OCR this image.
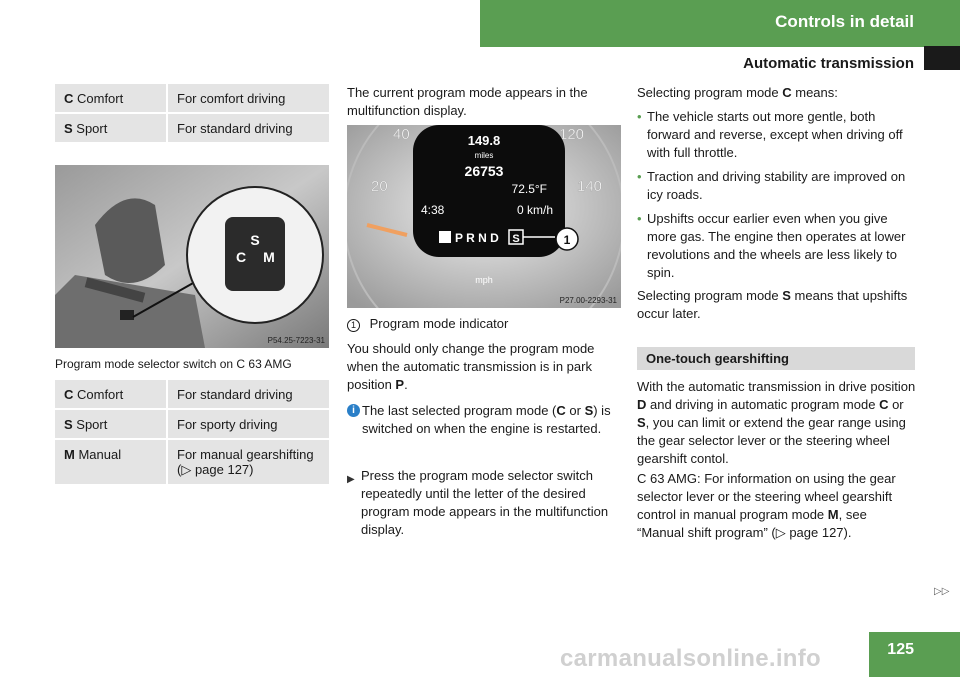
Controls in detail
Automatic transmission
C Comfort	For comfort driving
S Sport	For standard driving
S
C M
P54.25-7223-31
Program mode selector switch on C 63 AMG
C Comfort	For standard driving
S Sport	For sporty driving
M Manual	For manual gearshifting
(▷ page 127)
The current program mode appears in the multifunction display.
40
20
120
140
149.8
miles
26753
72.5°F
4:38	0 km/h
P R N D S	1
mph
P27.00-2293-31
1 Program mode indicator
You should only change the program mode when the automatic transmission is in park position P.
i The last selected program mode (C or S) is switched on when the engine is restarted.
▶ Press the program mode selector switch repeatedly until the letter of the desired program mode appears in the multifunction display.
Selecting program mode C means:
• The vehicle starts out more gentle, both forward and reverse, except when driving off with full throttle.
• Traction and driving stability are improved on icy roads.
• Upshifts occur earlier even when you give more gas. The engine then operates at lower revolutions and the wheels are less likely to spin.
Selecting program mode S means that upshifts occur later.
One-touch gearshifting
With the automatic transmission in drive position D and driving in automatic program mode C or S, you can limit or extend the gear range using the gear selector lever or the steering wheel gearshift contol.
C 63 AMG: For information on using the gear selector lever or the steering wheel gearshift control in manual program mode M, see “Manual shift program” (▷ page 127).
▷▷
125
carmanualsonline.info
